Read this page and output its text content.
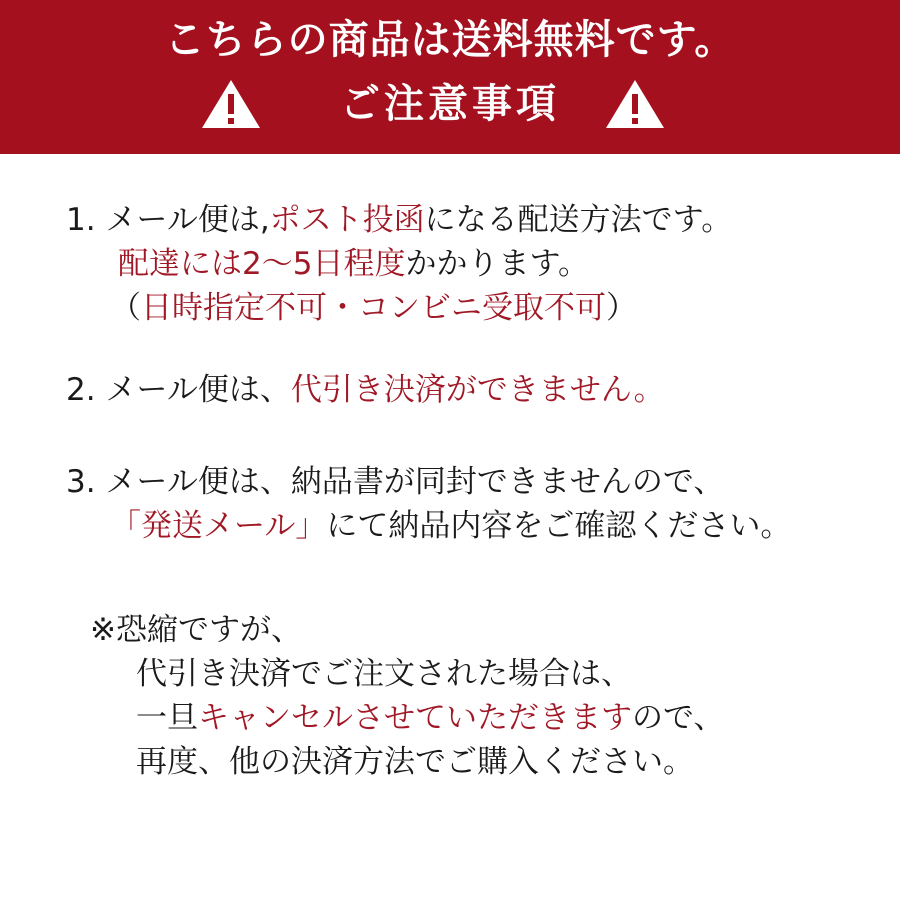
こちらの商品は送料無料です。
ご注意事項
1. メール便は,ポスト投函になる配送方法です。
配達には2～5日程度かかります。
（日時指定不可・コンビニ受取不可）
2. メール便は、代引き決済ができません。
3. メール便は、納品書が同封できませんので、
「発送メール」にて納品内容をご確認ください。
※恐縮ですが、
代引き決済でご注文された場合は、
一旦キャンセルさせていただきますので、
再度、他の決済方法でご購入ください。
